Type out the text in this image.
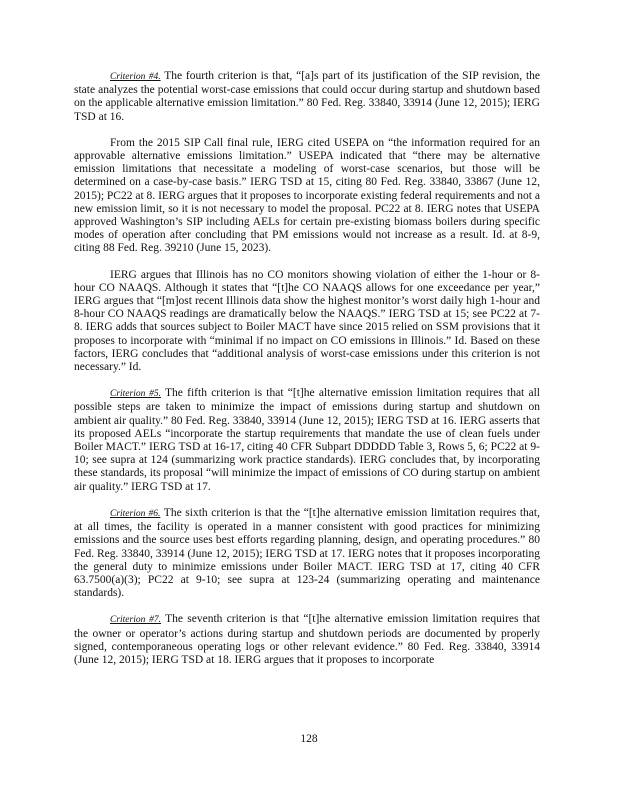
Criterion #4. The fourth criterion is that, “[a]s part of its justification of the SIP revision, the state analyzes the potential worst-case emissions that could occur during startup and shutdown based on the applicable alternative emission limitation.” 80 Fed. Reg. 33840, 33914 (June 12, 2015); IERG TSD at 16.

From the 2015 SIP Call final rule, IERG cited USEPA on “the information required for an approvable alternative emissions limitation.” USEPA indicated that “there may be alternative emission limitations that necessitate a modeling of worst-case scenarios, but those will be determined on a case-by-case basis.” IERG TSD at 15, citing 80 Fed. Reg. 33840, 33867 (June 12, 2015); PC22 at 8. IERG argues that it proposes to incorporate existing federal requirements and not a new emission limit, so it is not necessary to model the proposal. PC22 at 8. IERG notes that USEPA approved Washington’s SIP including AELs for certain pre-existing biomass boilers during specific modes of operation after concluding that PM emissions would not increase as a result. Id. at 8-9, citing 88 Fed. Reg. 39210 (June 15, 2023).

IERG argues that Illinois has no CO monitors showing violation of either the 1-hour or 8-hour CO NAAQS. Although it states that “[t]he CO NAAQS allows for one exceedance per year,” IERG argues that “[m]ost recent Illinois data show the highest monitor’s worst daily high 1-hour and 8-hour CO NAAQS readings are dramatically below the NAAQS.” IERG TSD at 15; see PC22 at 7-8. IERG adds that sources subject to Boiler MACT have since 2015 relied on SSM provisions that it proposes to incorporate with “minimal if no impact on CO emissions in Illinois.” Id. Based on these factors, IERG concludes that “additional analysis of worst-case emissions under this criterion is not necessary.” Id.

Criterion #5. The fifth criterion is that “[t]he alternative emission limitation requires that all possible steps are taken to minimize the impact of emissions during startup and shutdown on ambient air quality.” 80 Fed. Reg. 33840, 33914 (June 12, 2015); IERG TSD at 16. IERG asserts that its proposed AELs “incorporate the startup requirements that mandate the use of clean fuels under Boiler MACT.” IERG TSD at 16-17, citing 40 CFR Subpart DDDDD Table 3, Rows 5, 6; PC22 at 9-10; see supra at 124 (summarizing work practice standards). IERG concludes that, by incorporating these standards, its proposal “will minimize the impact of emissions of CO during startup on ambient air quality.” IERG TSD at 17.

Criterion #6. The sixth criterion is that the “[t]he alternative emission limitation requires that, at all times, the facility is operated in a manner consistent with good practices for minimizing emissions and the source uses best efforts regarding planning, design, and operating procedures.” 80 Fed. Reg. 33840, 33914 (June 12, 2015); IERG TSD at 17. IERG notes that it proposes incorporating the general duty to minimize emissions under Boiler MACT. IERG TSD at 17, citing 40 CFR 63.7500(a)(3); PC22 at 9-10; see supra at 123-24 (summarizing operating and maintenance standards).

Criterion #7. The seventh criterion is that “[t]he alternative emission limitation requires that the owner or operator’s actions during startup and shutdown periods are documented by properly signed, contemporaneous operating logs or other relevant evidence.” 80 Fed. Reg. 33840, 33914 (June 12, 2015); IERG TSD at 18. IERG argues that it proposes to incorporate

128
